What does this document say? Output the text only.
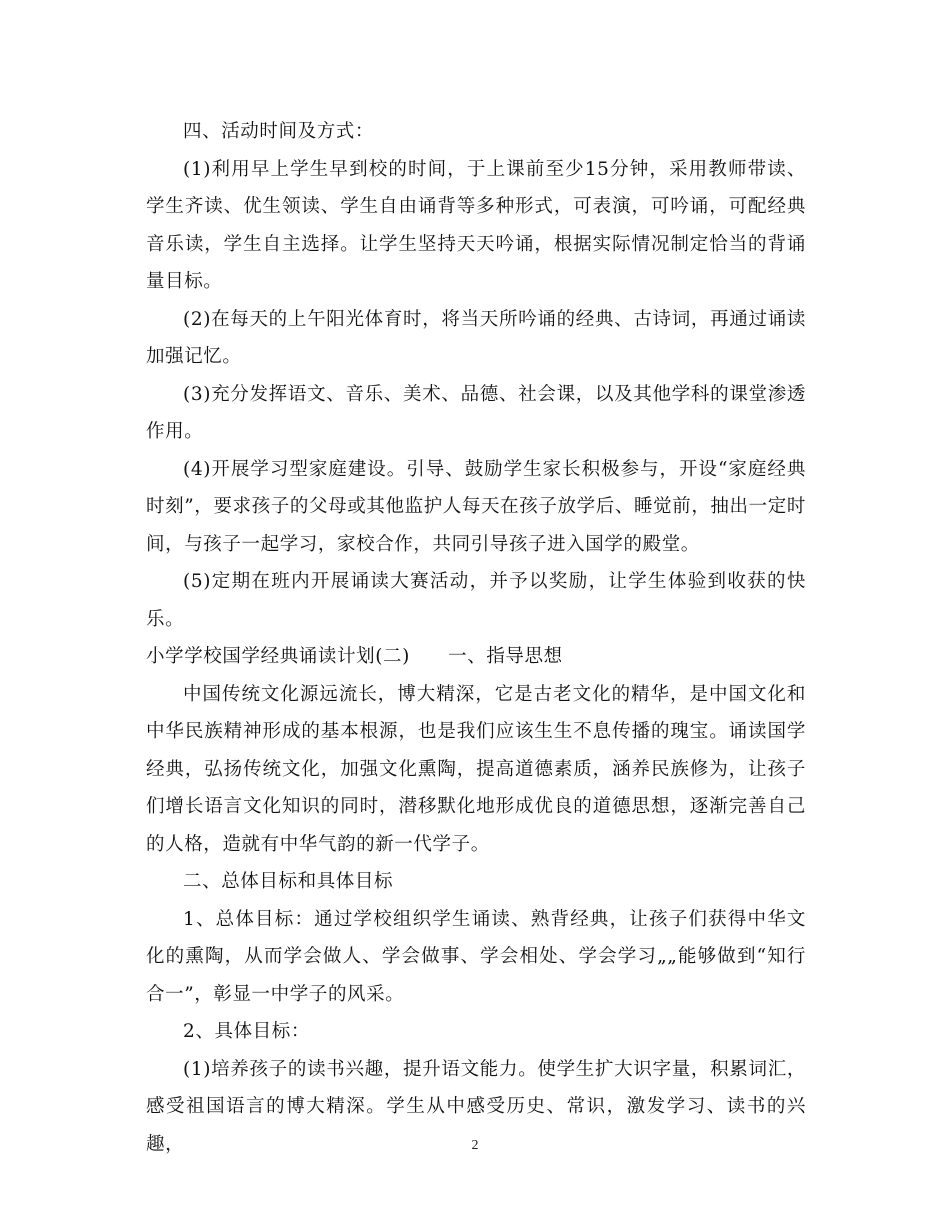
四、活动时间及方式：

(1)利用早上学生早到校的时间，于上课前至少15分钟，采用教师带读、学生齐读、优生领读、学生自由诵背等多种形式，可表演，可吟诵，可配经典音乐读，学生自主选择。让学生坚持天天吟诵，根据实际情况制定恰当的背诵量目标。

(2)在每天的上午阳光体育时，将当天所吟诵的经典、古诗词，再通过诵读加强记忆。

(3)充分发挥语文、音乐、美术、品德、社会课，以及其他学科的课堂渗透作用。

(4)开展学习型家庭建设。引导、鼓励学生家长积极参与，开设“家庭经典时刻”，要求孩子的父母或其他监护人每天在孩子放学后、睡觉前，抽出一定时间，与孩子一起学习，家校合作，共同引导孩子进入国学的殿堂。

(5)定期在班内开展诵读大赛活动，并予以奖励，让学生体验到收获的快乐。

小学学校国学经典诵读计划(二)　　一、指导思想

中国传统文化源远流长，博大精深，它是古老文化的精华，是中国文化和中华民族精神形成的基本根源，也是我们应该生生不息传播的瑰宝。诵读国学经典，弘扬传统文化，加强文化熏陶，提高道德素质，涵养民族修为，让孩子们增长语言文化知识的同时，潜移默化地形成优良的道德思想，逐渐完善自己的人格，造就有中华气韵的新一代学子。

二、总体目标和具体目标

1、总体目标：通过学校组织学生诵读、熟背经典，让孩子们获得中华文化的熏陶，从而学会做人、学会做事、学会相处、学会学习„„能够做到“知行合一”，彰显一中学子的风采。

2、具体目标：

(1)培养孩子的读书兴趣，提升语文能力。使学生扩大识字量，积累词汇，感受祖国语言的博大精深。学生从中感受历史、常识，激发学习、读书的兴趣，	2
